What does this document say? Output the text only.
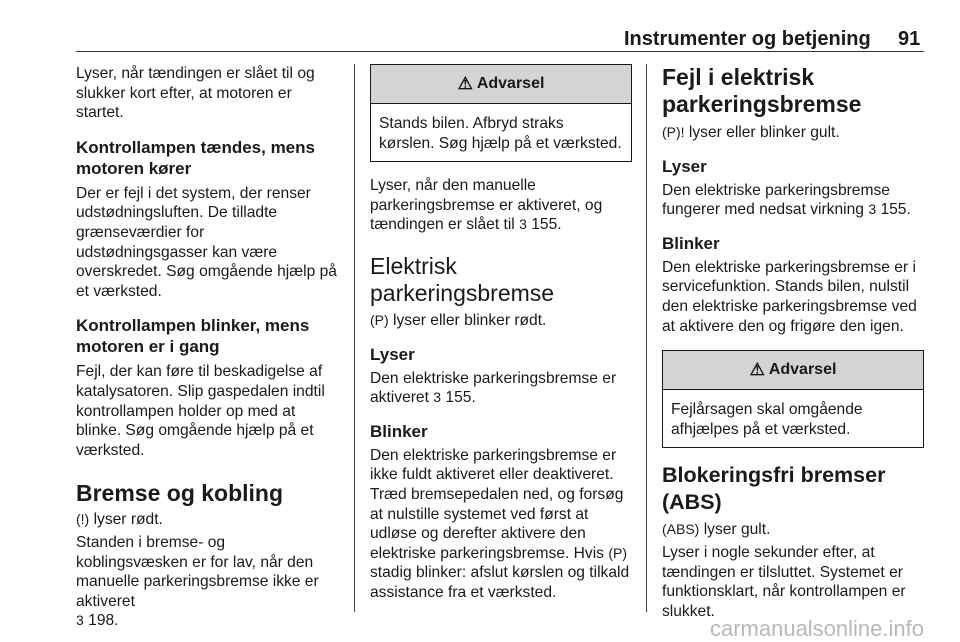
Instrumenter og betjening 91

Lyser, når tændingen er slået til og slukker kort efter, at motoren er startet.

Kontrollampen tændes, mens motoren kører

Der er fejl i det system, der renser udstødningsluften. De tilladte grænseværdier for udstødningsgasser kan være overskredet. Søg omgående hjælp på et værksted.

Kontrollampen blinker, mens motoren er i gang

Fejl, der kan føre til beskadigelse af katalysatoren. Slip gaspedalen indtil kontrollampen holder op med at blinke. Søg omgående hjælp på et værksted.

Bremse og kobling

(!) lyser rødt.

Standen i bremse- og koblingsvæsken er for lav, når den manuelle parkeringsbremse ikke er aktiveret
3 198.

⚠ Advarsel

Stands bilen. Afbryd straks kørslen. Søg hjælp på et værksted.

Lyser, når den manuelle parkeringsbremse er aktiveret, og tændingen er slået til 3 155.

Elektrisk parkeringsbremse

(P) lyser eller blinker rødt.

Lyser

Den elektriske parkeringsbremse er aktiveret 3 155.

Blinker

Den elektriske parkeringsbremse er ikke fuldt aktiveret eller deaktiveret. Træd bremsepedalen ned, og forsøg at nulstille systemet ved først at udløse og derefter aktivere den elektriske parkeringsbremse. Hvis (P) stadig blinker: afslut kørslen og tilkald assistance fra et værksted.

Fejl i elektrisk parkeringsbremse

(P)! lyser eller blinker gult.

Lyser

Den elektriske parkeringsbremse fungerer med nedsat virkning 3 155.

Blinker

Den elektriske parkeringsbremse er i servicefunktion. Stands bilen, nulstil den elektriske parkeringsbremse ved at aktivere den og frigøre den igen.

⚠ Advarsel

Fejlårsagen skal omgående afhjælpes på et værksted.

Blokeringsfri bremser (ABS)

(ABS) lyser gult.

Lyser i nogle sekunder efter, at tændingen er tilsluttet. Systemet er funktionsklart, når kontrollampen er slukket.

carmanualsonline.info
